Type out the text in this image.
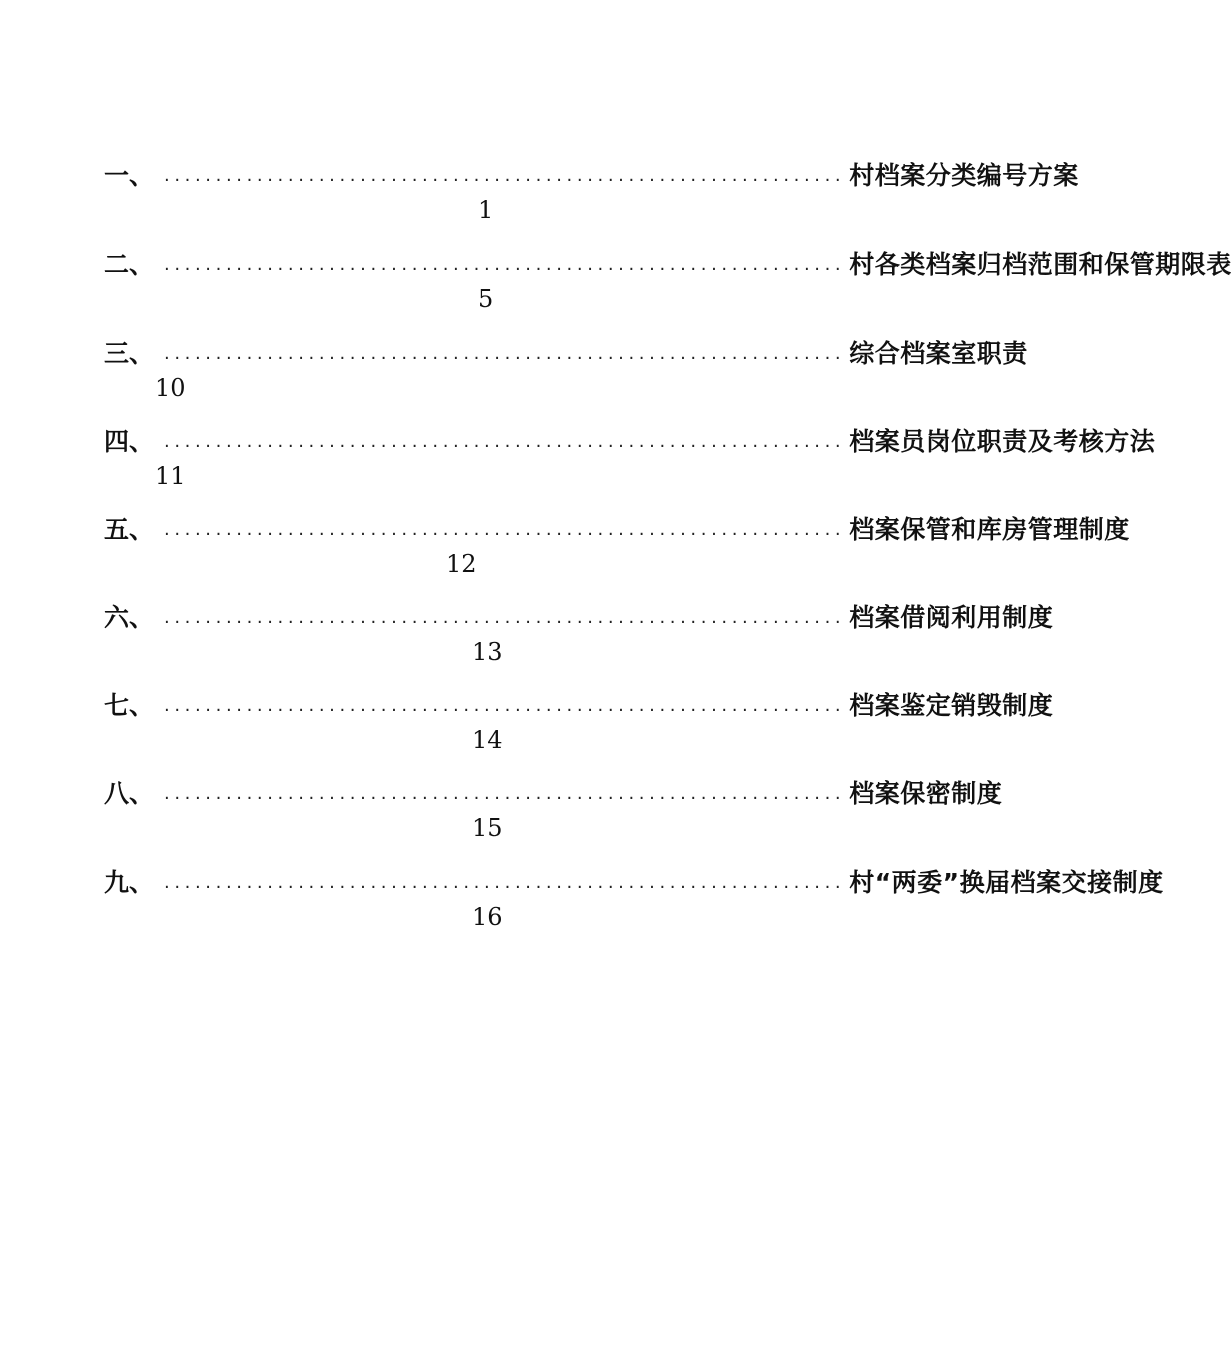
一、 .................................................................. 村档案分类编号方案
1
二、 .................................................................. 村各类档案归档范围和保管期限表
5
三、 .................................................................. 综合档案室职责
10
四、 .................................................................. 档案员岗位职责及考核方法
11
五、 .................................................................. 档案保管和库房管理制度
12
六、 .................................................................. 档案借阅利用制度
13
七、 .................................................................. 档案鉴定销毁制度
14
八、 .................................................................. 档案保密制度
15
九、 .................................................................. 村“两委”换届档案交接制度
16
